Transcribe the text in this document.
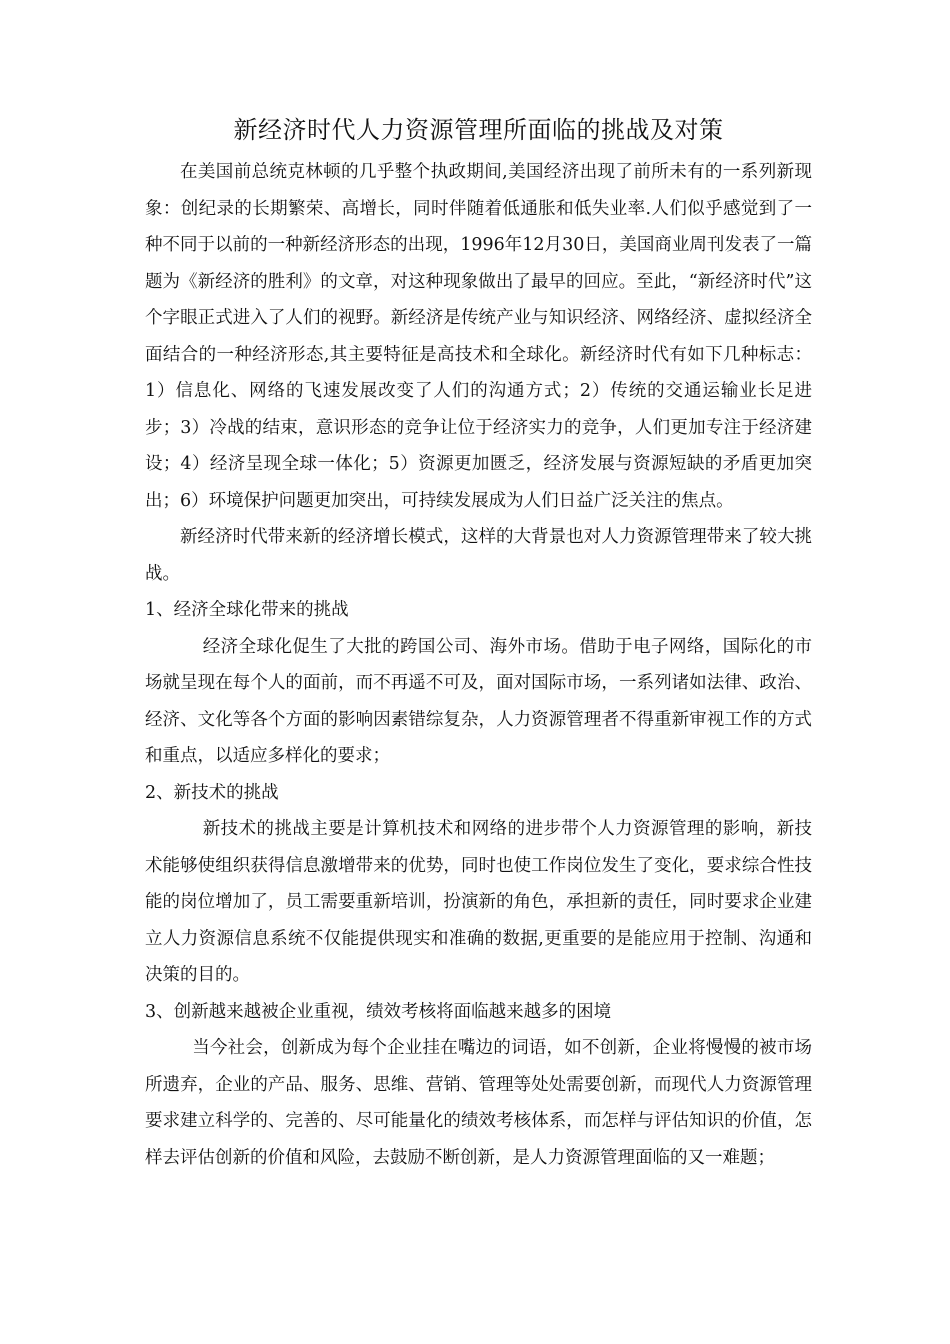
新经济时代人力资源管理所面临的挑战及对策

在美国前总统克林顿的几乎整个执政期间,美国经济出现了前所未有的一系列新现象：创纪录的长期繁荣、高增长，同时伴随着低通胀和低失业率.人们似乎感觉到了一种不同于以前的一种新经济形态的出现，1996年12月30日，美国商业周刊发表了一篇题为《新经济的胜利》的文章，对这种现象做出了最早的回应。至此，“新经济时代”这个字眼正式进入了人们的视野。新经济是传统产业与知识经济、网络经济、虚拟经济全面结合的一种经济形态,其主要特征是高技术和全球化。新经济时代有如下几种标志：1）信息化、网络的飞速发展改变了人们的沟通方式；2）传统的交通运输业长足进步；3）冷战的结束，意识形态的竞争让位于经济实力的竞争，人们更加专注于经济建设；4）经济呈现全球一体化；5）资源更加匮乏，经济发展与资源短缺的矛盾更加突出；6）环境保护问题更加突出，可持续发展成为人们日益广泛关注的焦点。

新经济时代带来新的经济增长模式，这样的大背景也对人力资源管理带来了较大挑战。

1、经济全球化带来的挑战

经济全球化促生了大批的跨国公司、海外市场。借助于电子网络，国际化的市场就呈现在每个人的面前，而不再遥不可及，面对国际市场，一系列诸如法律、政治、经济、文化等各个方面的影响因素错综复杂，人力资源管理者不得重新审视工作的方式和重点，以适应多样化的要求；

2、新技术的挑战

新技术的挑战主要是计算机技术和网络的进步带个人力资源管理的影响，新技术能够使组织获得信息激增带来的优势，同时也使工作岗位发生了变化，要求综合性技能的岗位增加了，员工需要重新培训，扮演新的角色，承担新的责任，同时要求企业建立人力资源信息系统不仅能提供现实和准确的数据,更重要的是能应用于控制、沟通和决策的目的。

3、创新越来越被企业重视，绩效考核将面临越来越多的困境

当今社会，创新成为每个企业挂在嘴边的词语，如不创新，企业将慢慢的被市场所遗弃，企业的产品、服务、思维、营销、管理等处处需要创新，而现代人力资源管理要求建立科学的、完善的、尽可能量化的绩效考核体系，而怎样与评估知识的价值，怎样去评估创新的价值和风险，去鼓励不断创新，是人力资源管理面临的又一难题；
